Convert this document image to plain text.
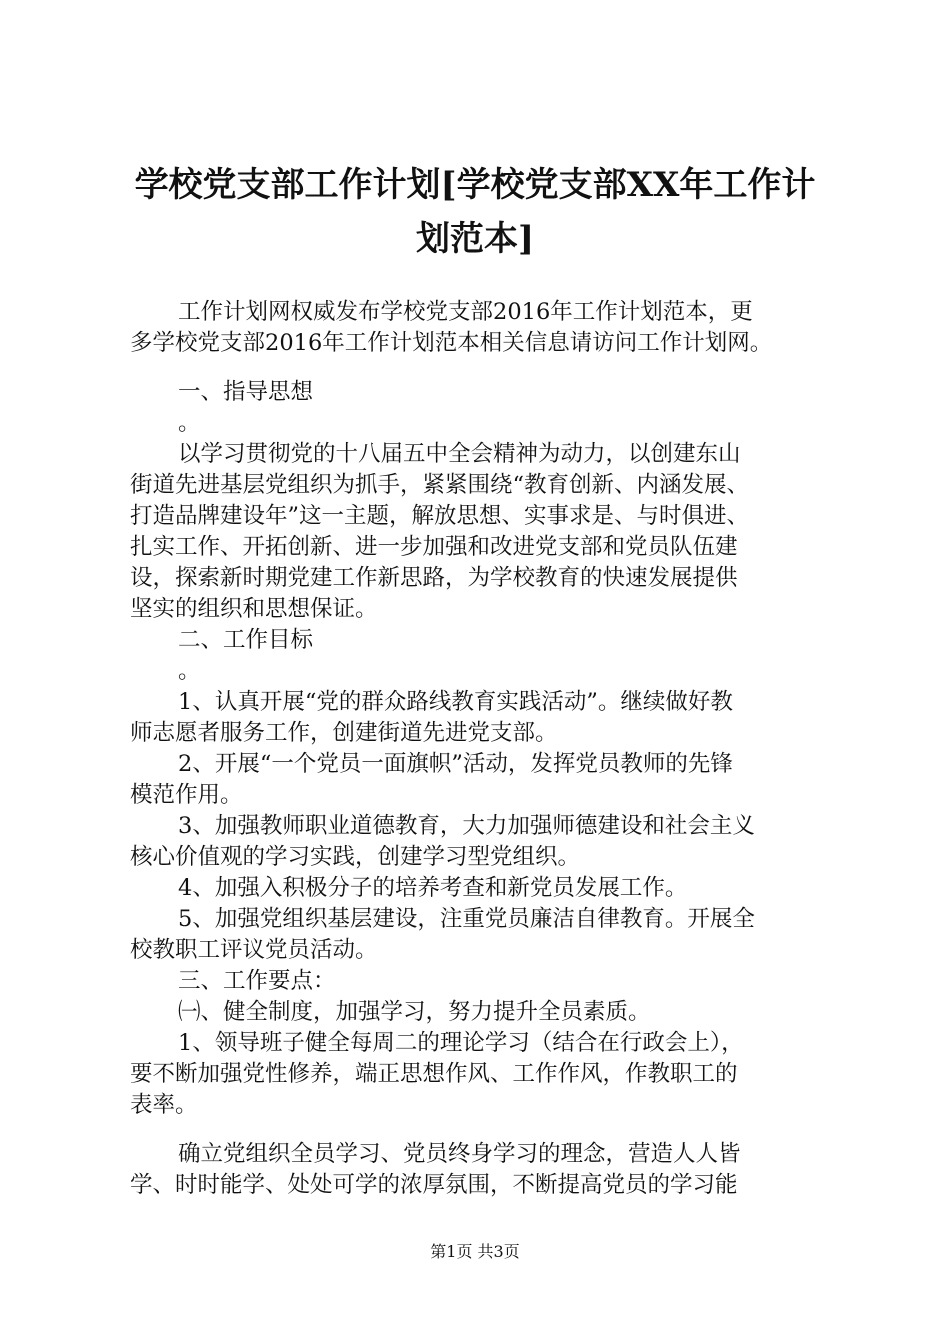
学校党支部工作计划[学校党支部XX年工作计
划范本]
工作计划网权威发布学校党支部2016年工作计划范本，更
多学校党支部2016年工作计划范本相关信息请访问工作计划网。
一、指导思想
。
以学习贯彻党的十八届五中全会精神为动力，以创建东山
街道先进基层党组织为抓手，紧紧围绕“教育创新、内涵发展、
打造品牌建设年”这一主题，解放思想、实事求是、与时俱进、
扎实工作、开拓创新、进一步加强和改进党支部和党员队伍建
设，探索新时期党建工作新思路，为学校教育的快速发展提供
坚实的组织和思想保证。
二、工作目标
。
1、认真开展“党的群众路线教育实践活动”。继续做好教
师志愿者服务工作，创建街道先进党支部。
2、开展“一个党员一面旗帜”活动，发挥党员教师的先锋
模范作用。
3、加强教师职业道德教育，大力加强师德建设和社会主义
核心价值观的学习实践，创建学习型党组织。
4、加强入积极分子的培养考查和新党员发展工作。
5、加强党组织基层建设，注重党员廉洁自律教育。开展全
校教职工评议党员活动。
三、工作要点：
㈠、健全制度，加强学习，努力提升全员素质。
1、领导班子健全每周二的理论学习（结合在行政会上），
要不断加强党性修养，端正思想作风、工作作风，作教职工的
表率。
确立党组织全员学习、党员终身学习的理念，营造人人皆
学、时时能学、处处可学的浓厚氛围，不断提高党员的学习能
第1页 共3页
